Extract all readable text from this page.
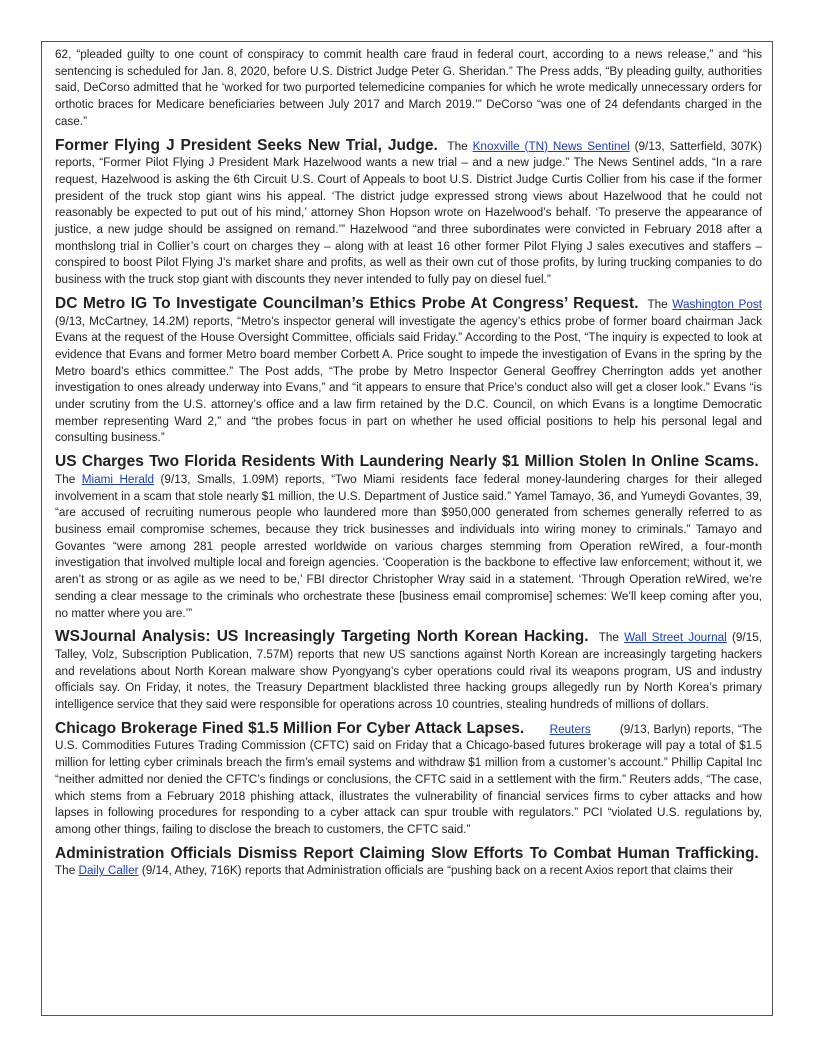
62, “pleaded guilty to one count of conspiracy to commit health care fraud in federal court, according to a news release,” and “his sentencing is scheduled for Jan. 8, 2020, before U.S. District Judge Peter G. Sheridan.” The Press adds, “By pleading guilty, authorities said, DeCorso admitted that he ‘worked for two purported telemedicine companies for which he wrote medically unnecessary orders for orthotic braces for Medicare beneficiaries between July 2017 and March 2019.’” DeCorso “was one of 24 defendants charged in the case.”

Former Flying J President Seeks New Trial, Judge. The Knoxville (TN) News Sentinel (9/13, Satterfield, 307K) reports, “Former Pilot Flying J President Mark Hazelwood wants a new trial – and a new judge.” The News Sentinel adds, “In a rare request, Hazelwood is asking the 6th Circuit U.S. Court of Appeals to boot U.S. District Judge Curtis Collier from his case if the former president of the truck stop giant wins his appeal. ‘The district judge expressed strong views about Hazelwood that he could not reasonably be expected to put out of his mind,’ attorney Shon Hopson wrote on Hazelwood’s behalf. ‘To preserve the appearance of justice, a new judge should be assigned on remand.’” Hazelwood “and three subordinates were convicted in February 2018 after a monthslong trial in Collier’s court on charges they – along with at least 16 other former Pilot Flying J sales executives and staffers – conspired to boost Pilot Flying J’s market share and profits, as well as their own cut of those profits, by luring trucking companies to do business with the truck stop giant with discounts they never intended to fully pay on diesel fuel.”

DC Metro IG To Investigate Councilman’s Ethics Probe At Congress’ Request. The Washington Post (9/13, McCartney, 14.2M) reports, “Metro’s inspector general will investigate the agency’s ethics probe of former board chairman Jack Evans at the request of the House Oversight Committee, officials said Friday.” According to the Post, “The inquiry is expected to look at evidence that Evans and former Metro board member Corbett A. Price sought to impede the investigation of Evans in the spring by the Metro board’s ethics committee.” The Post adds, “The probe by Metro Inspector General Geoffrey Cherrington adds yet another investigation to ones already underway into Evans,” and “it appears to ensure that Price’s conduct also will get a closer look.” Evans “is under scrutiny from the U.S. attorney’s office and a law firm retained by the D.C. Council, on which Evans is a longtime Democratic member representing Ward 2,” and “the probes focus in part on whether he used official positions to help his personal legal and consulting business.”

US Charges Two Florida Residents With Laundering Nearly $1 Million Stolen In Online Scams.  The Miami Herald (9/13, Smalls, 1.09M) reports, “Two Miami residents face federal money-laundering charges for their alleged involvement in a scam that stole nearly $1 million, the U.S. Department of Justice said.” Yamel Tamayo, 36, and Yumeydi Govantes, 39, “are accused of recruiting numerous people who laundered more than $950,000 generated from schemes generally referred to as business email compromise schemes, because they trick businesses and individuals into wiring money to criminals.” Tamayo and Govantes “were among 281 people arrested worldwide on various charges stemming from Operation reWired, a four-month investigation that involved multiple local and foreign agencies. ‘Cooperation is the backbone to effective law enforcement; without it, we aren’t as strong or as agile as we need to be,’ FBI director Christopher Wray said in a statement. ‘Through Operation reWired, we’re sending a clear message to the criminals who orchestrate these [business email compromise] schemes: We’ll keep coming after you, no matter where you are.’”

WSJournal Analysis: US Increasingly Targeting North Korean Hacking. The Wall Street Journal (9/15, Talley, Volz, Subscription Publication, 7.57M) reports that new US sanctions against North Korean are increasingly targeting hackers and revelations about North Korean malware show Pyongyang’s cyber operations could rival its weapons program, US and industry officials say. On Friday, it notes, the Treasury Department blacklisted three hacking groups allegedly run by North Korea’s primary intelligence service that they said were responsible for operations across 10 countries, stealing hundreds of millions of dollars.

Chicago Brokerage Fined $1.5 Million For Cyber Attack Lapses. Reuters (9/13, Barlyn) reports, “The U.S. Commodities Futures Trading Commission (CFTC) said on Friday that a Chicago-based futures brokerage will pay a total of $1.5 million for letting cyber criminals breach the firm’s email systems and withdraw $1 million from a customer’s account.” Phillip Capital Inc “neither admitted nor denied the CFTC’s findings or conclusions, the CFTC said in a settlement with the firm.” Reuters adds, “The case, which stems from a February 2018 phishing attack, illustrates the vulnerability of financial services firms to cyber attacks and how lapses in following procedures for responding to a cyber attack can spur trouble with regulators.” PCI “violated U.S. regulations by, among other things, failing to disclose the breach to customers, the CFTC said.”

Administration Officials Dismiss Report Claiming Slow Efforts To Combat Human Trafficking.  The Daily Caller (9/14, Athey, 716K) reports that Administration officials are “pushing back on a recent Axios report that claims their
